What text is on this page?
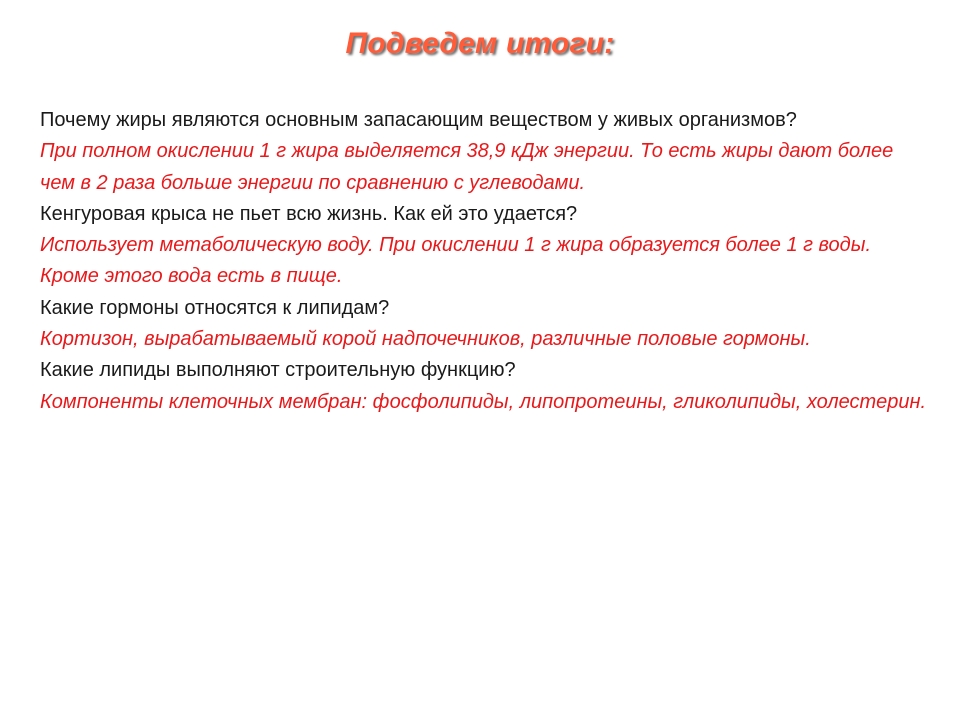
Подведем итоги:

Почему жиры являются основным запасающим веществом у живых организмов?

При полном окислении 1 г жира выделяется 38,9 кДж энергии. То есть жиры дают более чем в 2 раза больше энергии по сравнению с углеводами.

Кенгуровая крыса не пьет всю жизнь. Как ей это удается?

Использует метаболическую воду. При окислении 1 г жира образуется более 1 г воды. Кроме этого вода есть в пище.

Какие гормоны относятся к липидам?

Кортизон, вырабатываемый корой надпочечников, различные половые гормоны.

Какие липиды выполняют строительную функцию?

Компоненты клеточных мембран: фосфолипиды, липопротеины, гликолипиды, холестерин.
